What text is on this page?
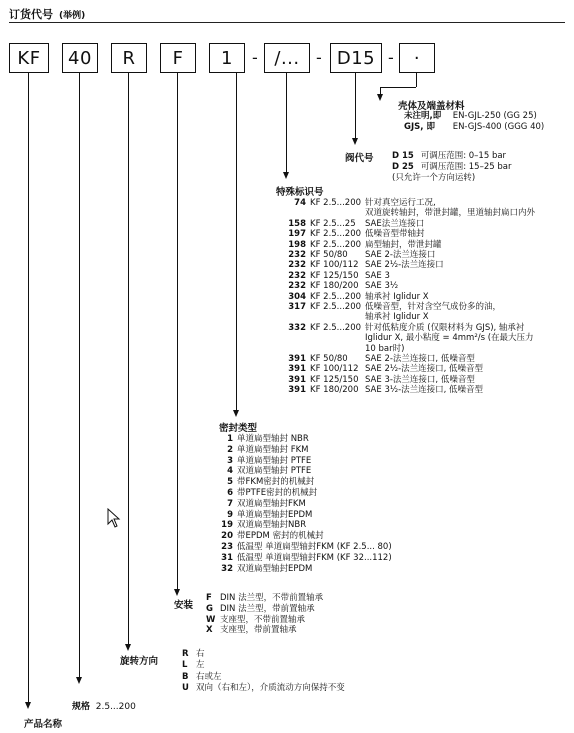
订货代号 (举例)
KF	40	R	F	1	- /...	- D15 -	·
壳体及端盖材料
未注明,即 EN-GJL-250 (GG 25)
GJS, 即 EN-GJS-400 (GGG 40)
阀代号 D 15 可调压范围: 0–15 bar
D 25 可调压范围: 15–25 bar
(只允许一个方向运转)
特殊标识号
74 KF 2.5...200 针对真空运行工况,
双道旋转轴封，带泄封罐，里道轴封扁口内外
158 KF 2.5...25 SAE法兰连接口
197 KF 2.5...200 低噪音型带轴封
198 KF 2.5...200 扁型轴封，带泄封罐
232 KF 50/80 SAE 2-法兰连接口
232 KF 100/112 SAE 2½-法兰连接口
232 KF 125/150 SAE 3
232 KF 180/200 SAE 3½
304 KF 2.5...200 轴承衬 Iglidur X
317 KF 2.5...200 低噪音型，针对含空气成份多的油，
轴承衬 Iglidur X
332 KF 2.5...200 针对低粘度介质 (仅限材料为 GJS), 轴承衬
Iglidur X, 最小粘度 = 4mm²/s (在最大压力
10 bar时)
391 KF 50/80 SAE 2-法兰连接口, 低噪音型
391 KF 100/112 SAE 2½-法兰连接口, 低噪音型
391 KF 125/150 SAE 3-法兰连接口, 低噪音型
391 KF 180/200 SAE 3½-法兰连接口, 低噪音型
密封类型
1 单道扁型轴封 NBR
2 单道扁型轴封 FKM
3 单道扁型轴封 PTFE
4 双道扁型轴封 PTFE
5 带FKM密封的机械封
6 带PTFE密封的机械封
7 双道扁型轴封FKM
9 单道扁型轴封EPDM
19 双道扁型轴封NBR
20 带EPDM 密封的机械封
23 低温型 单道扁型轴封FKM (KF 2.5... 80)
31 低温型 单道扁型轴封FKM (KF 32...112)
32 双道扁型轴封EPDM
安装
F DIN 法兰型，不带前置轴承
G DIN 法兰型，带前置轴承
W 支座型，不带前置轴承
X 支座型，带前置轴承
旋转方向
R 右
L 左
B 右或左
U 双向（右和左），介质流动方向保持不变
规格 2.5...200
产品名称
